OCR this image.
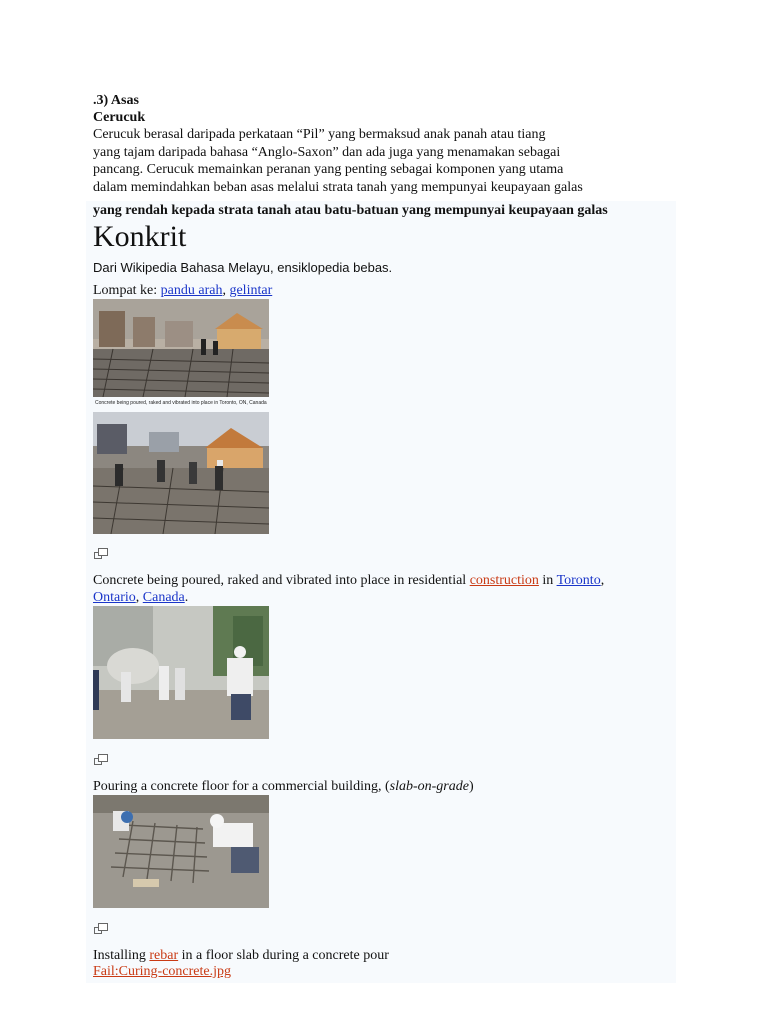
.3) Asas
Cerucuk
Cerucuk berasal daripada perkataan “Pil” yang bermaksud anak panah atau tiang
yang tajam daripada bahasa “Anglo-Saxon” dan ada juga yang menamakan sebagai
pancang. Cerucuk memainkan peranan yang penting sebagai komponen yang utama
dalam memindahkan beban asas melalui strata tanah yang mempunyai keupayaan galas
yang rendah kepada strata tanah atau batu-batuan yang mempunyai keupayaan galas
Konkrit
Dari Wikipedia Bahasa Melayu, ensiklopedia bebas.
Lompat ke: pandu arah, gelintar
Concrete being poured, raked and vibrated into place in Toronto, ON, Canada
Concrete being poured, raked and vibrated into place in residential construction in Toronto,
Ontario, Canada.
Pouring a concrete floor for a commercial building, (slab-on-grade)
Installing rebar in a floor slab during a concrete pour
Fail:Curing-concrete.jpg
